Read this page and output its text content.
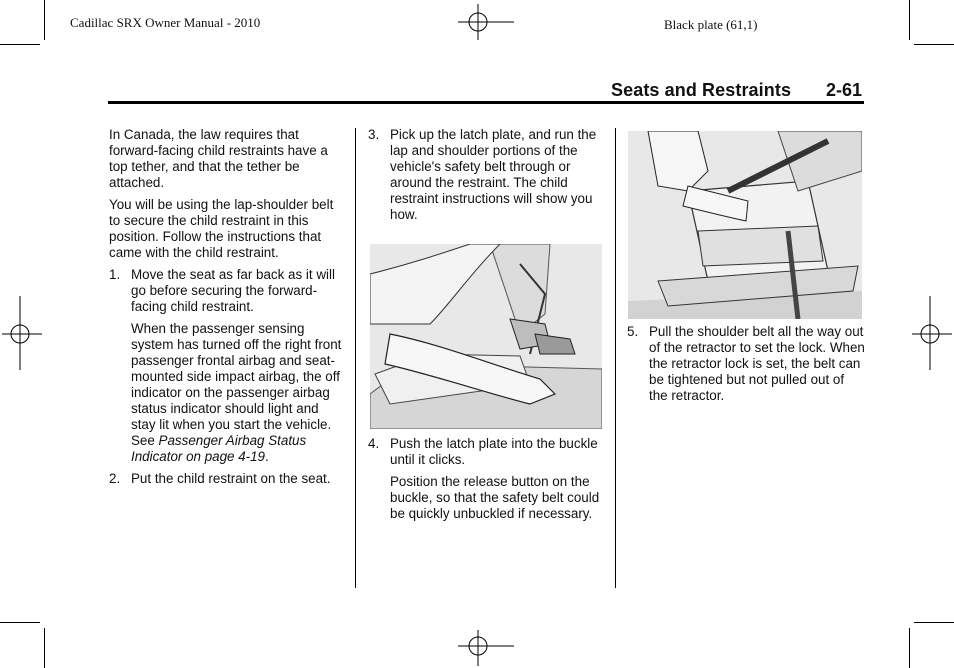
Cadillac SRX Owner Manual - 2010	Black plate (61,1)
Seats and Restraints 2-61

In Canada, the law requires that forward-facing child restraints have a top tether, and that the tether be attached.

You will be using the lap-shoulder belt to secure the child restraint in this position. Follow the instructions that came with the child restraint.

1. Move the seat as far back as it will go before securing the forward-facing child restraint.
When the passenger sensing system has turned off the right front passenger frontal airbag and seat-mounted side impact airbag, the off indicator on the passenger airbag status indicator should light and stay lit when you start the vehicle. See Passenger Airbag Status Indicator on page 4-19.
2. Put the child restraint on the seat.
3. Pick up the latch plate, and run the lap and shoulder portions of the vehicle's safety belt through or around the restraint. The child restraint instructions will show you how.
4. Push the latch plate into the buckle until it clicks.
Position the release button on the buckle, so that the safety belt could be quickly unbuckled if necessary.
5. Pull the shoulder belt all the way out of the retractor to set the lock. When the retractor lock is set, the belt can be tightened but not pulled out of the retractor.
